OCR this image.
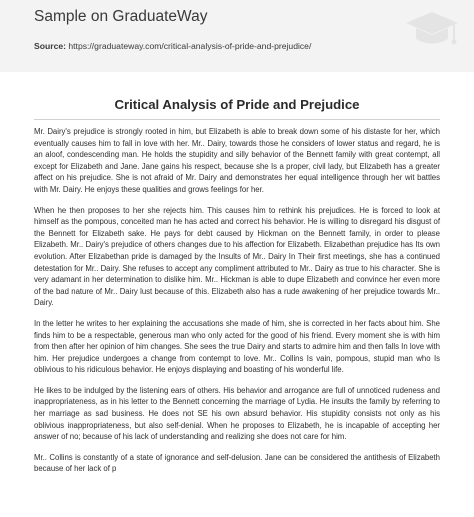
Sample on GraduateWay
Source: https://graduateway.com/critical-analysis-of-pride-and-prejudice/
Critical Analysis of Pride and Prejudice

Mr. Dairy's prejudice is strongly rooted in him, but Elizabeth is able to break down some of his distaste for her, which eventually causes him to fall in love with her. Mr.. Dairy, towards those he considers of lower status and regard, he is an aloof, condescending man. He holds the stupidity and silly behavior of the Bennett family with great contempt, all except for Elizabeth and Jane. Jane gains his respect, because she Is a proper, civil lady, but Elizabeth has a greater affect on his prejudice. She is not afraid of Mr. Dairy and demonstrates her equal intelligence through her wit battles with Mr. Dairy. He enjoys these qualities and grows feelings for her.

When he then proposes to her she rejects him. This causes him to rethink his prejudices. He is forced to look at himself as the pompous, conceited man he has acted and correct his behavior. He is willing to disregard his disgust of the Bennett for Elizabeth sake. He pays for debt caused by Hickman on the Bennett family, in order to please Elizabeth. Mr.. Dairy's prejudice of others changes due to his affection for Elizabeth. Elizabethan prejudice has Its own evolution. After Elizabethan pride is damaged by the Insults of Mr.. Dairy In Their first meetings, she has a continued detestation for Mr.. Dairy. She refuses to accept any compliment attributed to Mr.. Dairy as true to his character. She is very adamant in her determination to dislike him. Mr.. Hickman is able to dupe Elizabeth and convince her even more of the bad nature of Mr.. Dairy lust because of this. Elizabeth also has a rude awakening of her prejudice towards Mr.. Dairy.

In the letter he writes to her explaining the accusations she made of him, she is corrected in her facts about him. She finds him to be a respectable, generous man who only acted for the good of his friend. Every moment she is with him from then after her opinion of him changes. She sees the true Dairy and starts to admire him and then falls In love with him. Her prejudice undergoes a change from contempt to love. Mr.. Collins Is vain, pompous, stupid man who Is oblivious to his ridiculous behavior. He enjoys displaying and boasting of his wonderful life.

He likes to be indulged by the listening ears of others. His behavior and arrogance are full of unnoticed rudeness and inappropriateness, as in his letter to the Bennett concerning the marriage of Lydia. He insults the family by referring to her marriage as sad business. He does not SE his own absurd behavior. His stupidity consists not only as his oblivious inappropriateness, but also self-denial. When he proposes to Elizabeth, he is incapable of accepting her answer of no; because of his lack of understanding and realizing she does not care for him.

Mr.. Collins is constantly of a state of ignorance and self-delusion. Jane can be considered the antithesis of Elizabeth because of her lack of p
